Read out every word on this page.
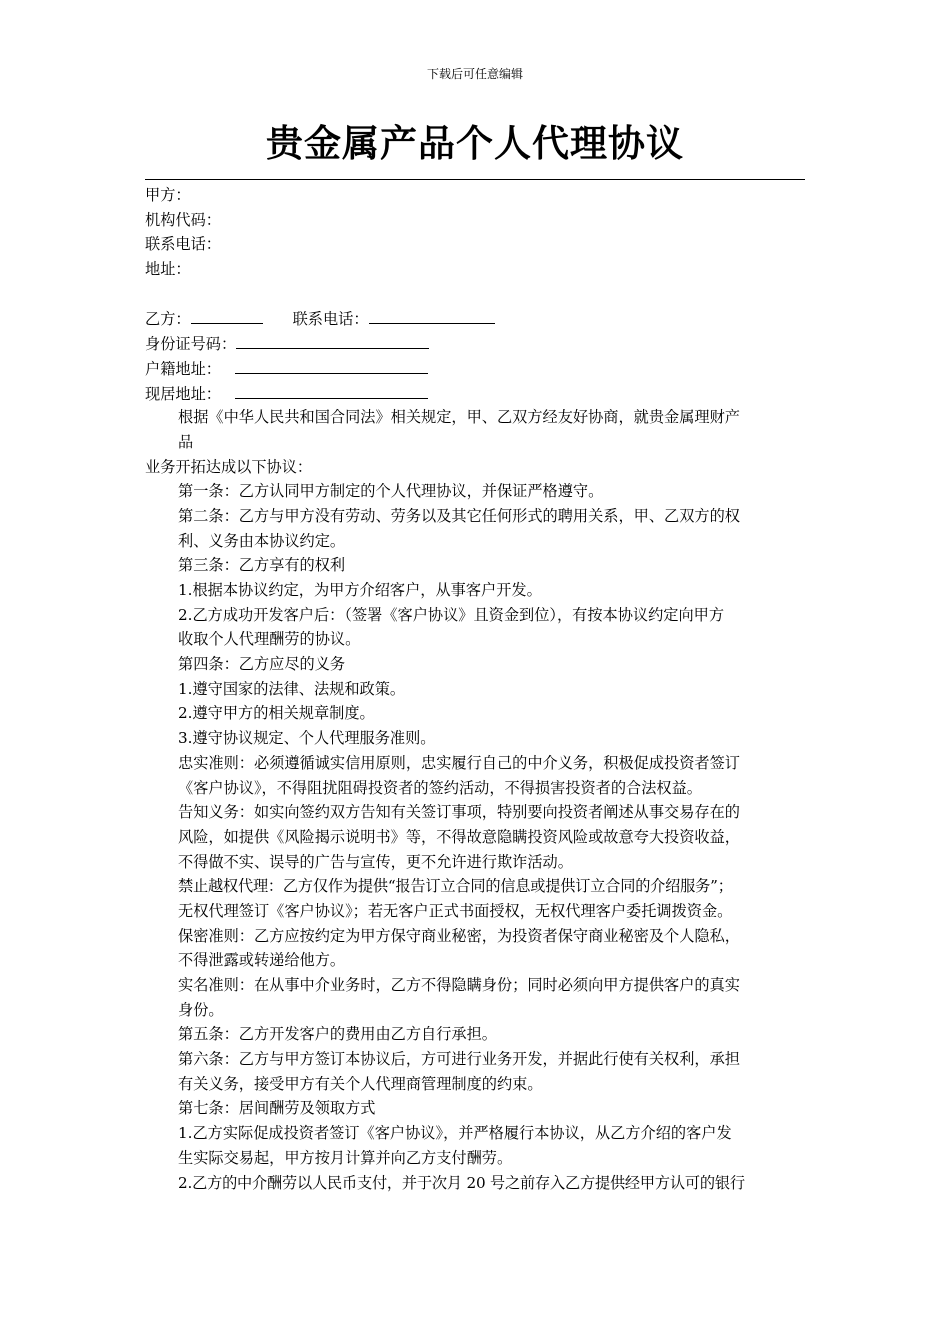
下载后可任意编辑
贵金属产品个人代理协议
甲方：
机构代码：
联系电话：
地址：
乙方：	联系电话：
身份证号码：
户籍地址：
现居地址：
根据《中华人民共和国合同法》相关规定，甲、乙双方经友好协商，就贵金属理财产
品
业务开拓达成以下协议：
第一条：乙方认同甲方制定的个人代理协议，并保证严格遵守。
第二条：乙方与甲方没有劳动、劳务以及其它任何形式的聘用关系，甲、乙双方的权
利、义务由本协议约定。
第三条：乙方享有的权利
1.根据本协议约定，为甲方介绍客户，从事客户开发。
2.乙方成功开发客户后：（签署《客户协议》且资金到位），有按本协议约定向甲方
收取个人代理酬劳的协议。
第四条：乙方应尽的义务
1.遵守国家的法律、法规和政策。
2.遵守甲方的相关规章制度。
3.遵守协议规定、个人代理服务准则。
忠实准则：必须遵循诚实信用原则，忠实履行自己的中介义务，积极促成投资者签订
《客户协议》，不得阻扰阻碍投资者的签约活动，不得损害投资者的合法权益。
告知义务：如实向签约双方告知有关签订事项，特别要向投资者阐述从事交易存在的
风险，如提供《风险揭示说明书》等，不得故意隐瞒投资风险或故意夸大投资收益，
不得做不实、误导的广告与宣传，更不允许进行欺诈活动。
禁止越权代理：乙方仅作为提供“报告订立合同的信息或提供订立合同的介绍服务”；
无权代理签订《客户协议》；若无客户正式书面授权，无权代理客户委托调拨资金。
保密准则：乙方应按约定为甲方保守商业秘密，为投资者保守商业秘密及个人隐私，
不得泄露或转递给他方。
实名准则：在从事中介业务时，乙方不得隐瞒身份；同时必须向甲方提供客户的真实
身份。
第五条：乙方开发客户的费用由乙方自行承担。
第六条：乙方与甲方签订本协议后，方可进行业务开发，并据此行使有关权利，承担
有关义务，接受甲方有关个人代理商管理制度的约束。
第七条：居间酬劳及领取方式
1.乙方实际促成投资者签订《客户协议》，并严格履行本协议，从乙方介绍的客户发
生实际交易起，甲方按月计算并向乙方支付酬劳。
2.乙方的中介酬劳以人民币支付，并于次月 20 号之前存入乙方提供经甲方认可的银行
